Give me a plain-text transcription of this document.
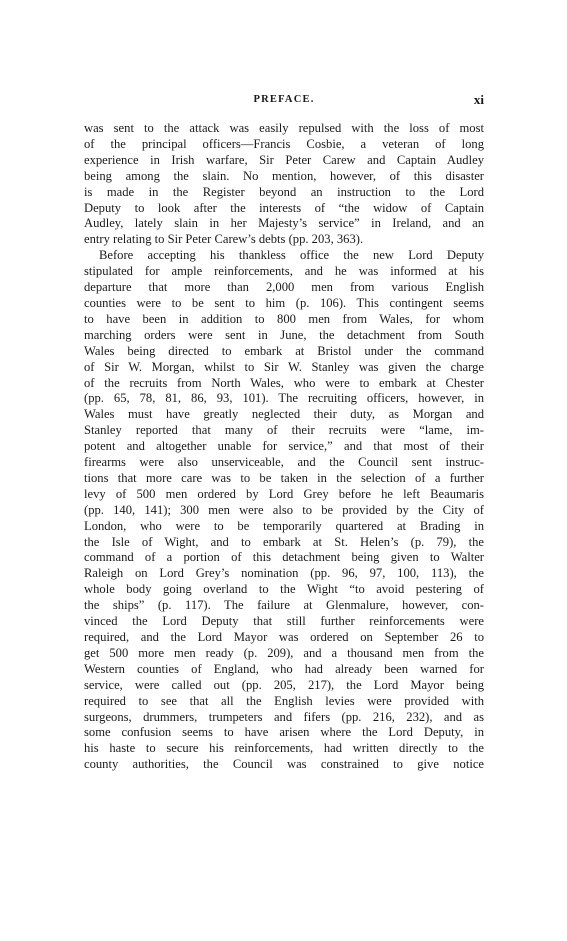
PREFACE.	xi
was sent to the attack was easily repulsed with the loss of most
of the principal officers—Francis Cosbie, a veteran of long
experience in Irish warfare, Sir Peter Carew and Captain Audley
being among the slain. No mention, however, of this disaster
is made in the Register beyond an instruction to the Lord
Deputy to look after the interests of “the widow of Captain
Audley, lately slain in her Majesty’s service” in Ireland, and an
entry relating to Sir Peter Carew’s debts (pp. 203, 363).
Before accepting his thankless office the new Lord Deputy
stipulated for ample reinforcements, and he was informed at his
departure that more than 2,000 men from various English
counties were to be sent to him (p. 106). This contingent seems
to have been in addition to 800 men from Wales, for whom
marching orders were sent in June, the detachment from South
Wales being directed to embark at Bristol under the command
of Sir W. Morgan, whilst to Sir W. Stanley was given the charge
of the recruits from North Wales, who were to embark at Chester
(pp. 65, 78, 81, 86, 93, 101). The recruiting officers, however, in
Wales must have greatly neglected their duty, as Morgan and
Stanley reported that many of their recruits were “lame, im-
potent and altogether unable for service,” and that most of their
firearms were also unserviceable, and the Council sent instruc-
tions that more care was to be taken in the selection of a further
levy of 500 men ordered by Lord Grey before he left Beaumaris
(pp. 140, 141); 300 men were also to be provided by the City of
London, who were to be temporarily quartered at Brading in
the Isle of Wight, and to embark at St. Helen’s (p. 79), the
command of a portion of this detachment being given to Walter
Raleigh on Lord Grey’s nomination (pp. 96, 97, 100, 113), the
whole body going overland to the Wight “to avoid pestering of
the ships” (p. 117). The failure at Glenmalure, however, con-
vinced the Lord Deputy that still further reinforcements were
required, and the Lord Mayor was ordered on September 26 to
get 500 more men ready (p. 209), and a thousand men from the
Western counties of England, who had already been warned for
service, were called out (pp. 205, 217), the Lord Mayor being
required to see that all the English levies were provided with
surgeons, drummers, trumpeters and fifers (pp. 216, 232), and as
some confusion seems to have arisen where the Lord Deputy, in
his haste to secure his reinforcements, had written directly to the
county authorities, the Council was constrained to give notice
